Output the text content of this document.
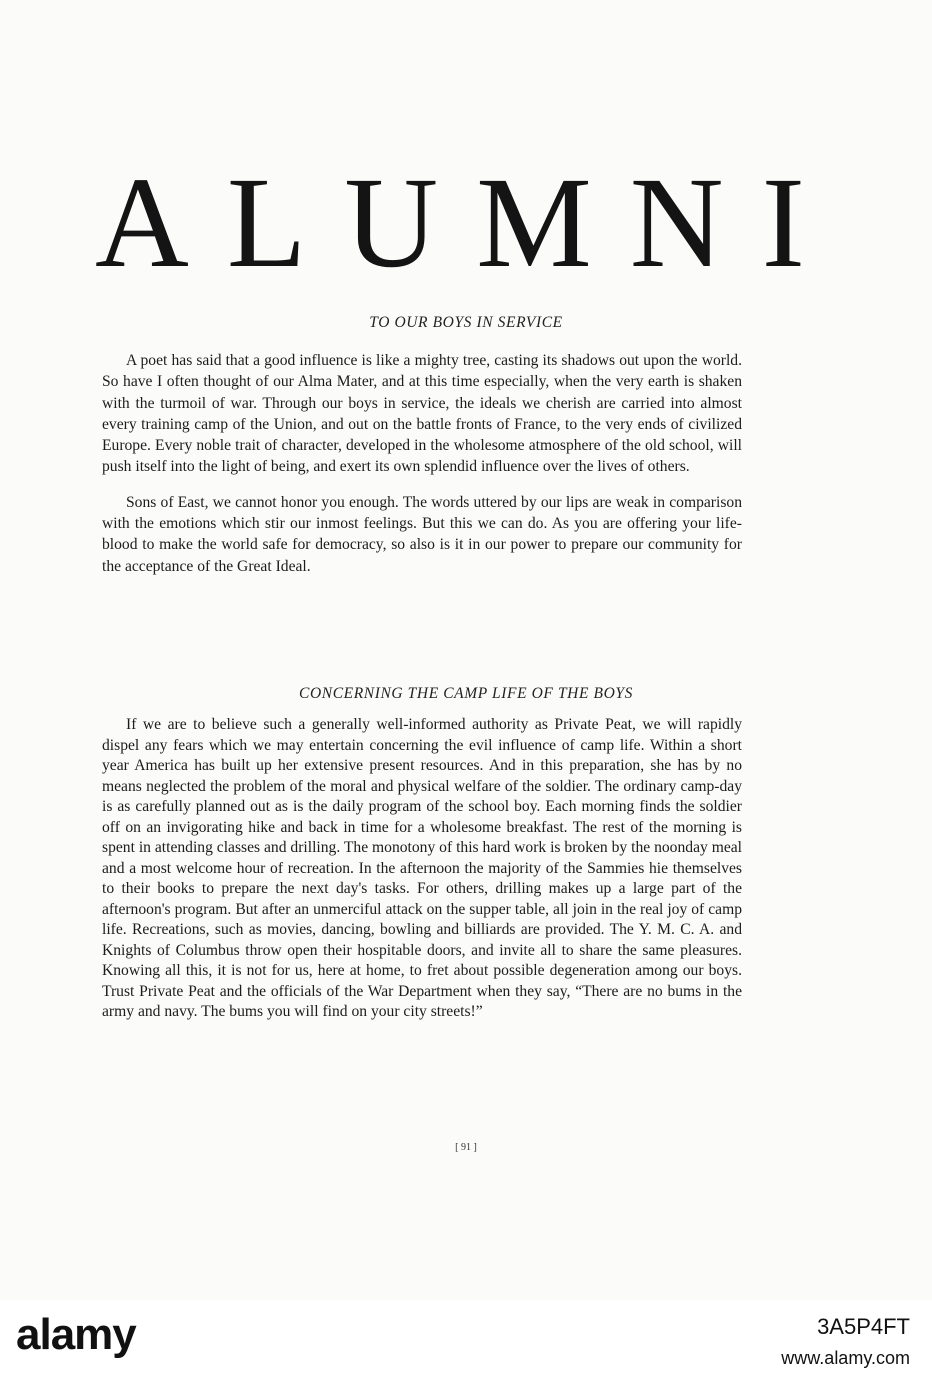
ALUMNI
TO OUR BOYS IN SERVICE

A poet has said that a good influence is like a mighty tree, casting its shadows out upon the world. So have I often thought of our Alma Mater, and at this time especially, when the very earth is shaken with the turmoil of war. Through our boys in service, the ideals we cherish are carried into almost every training camp of the Union, and out on the battle fronts of France, to the very ends of civilized Europe. Every noble trait of character, developed in the wholesome atmosphere of the old school, will push itself into the light of being, and exert its own splendid influence over the lives of others.

Sons of East, we cannot honor you enough. The words uttered by our lips are weak in comparison with the emotions which stir our inmost feelings. But this we can do. As you are offering your life-blood to make the world safe for democracy, so also is it in our power to prepare our community for the acceptance of the Great Ideal.

CONCERNING THE CAMP LIFE OF THE BOYS

If we are to believe such a generally well-informed authority as Private Peat, we will rapidly dispel any fears which we may entertain concerning the evil influence of camp life. Within a short year America has built up her extensive present resources. And in this preparation, she has by no means neglected the problem of the moral and physical welfare of the soldier. The ordinary camp-day is as carefully planned out as is the daily program of the school boy. Each morning finds the soldier off on an invigorating hike and back in time for a wholesome breakfast. The rest of the morning is spent in attending classes and drilling. The monotony of this hard work is broken by the noonday meal and a most welcome hour of recreation. In the afternoon the majority of the Sammies hie themselves to their books to prepare the next day's tasks. For others, drilling makes up a large part of the afternoon's program. But after an unmerciful attack on the supper table, all join in the real joy of camp life. Recreations, such as movies, dancing, bowling and billiards are provided. The Y. M. C. A. and Knights of Columbus throw open their hospitable doors, and invite all to share the same pleasures. Knowing all this, it is not for us, here at home, to fret about possible degeneration among our boys. Trust Private Peat and the officials of the War Department when they say, “There are no bums in the army and navy. The bums you will find on your city streets!”

[ 91 ]
alamy	3A5P4FT
www.alamy.com
